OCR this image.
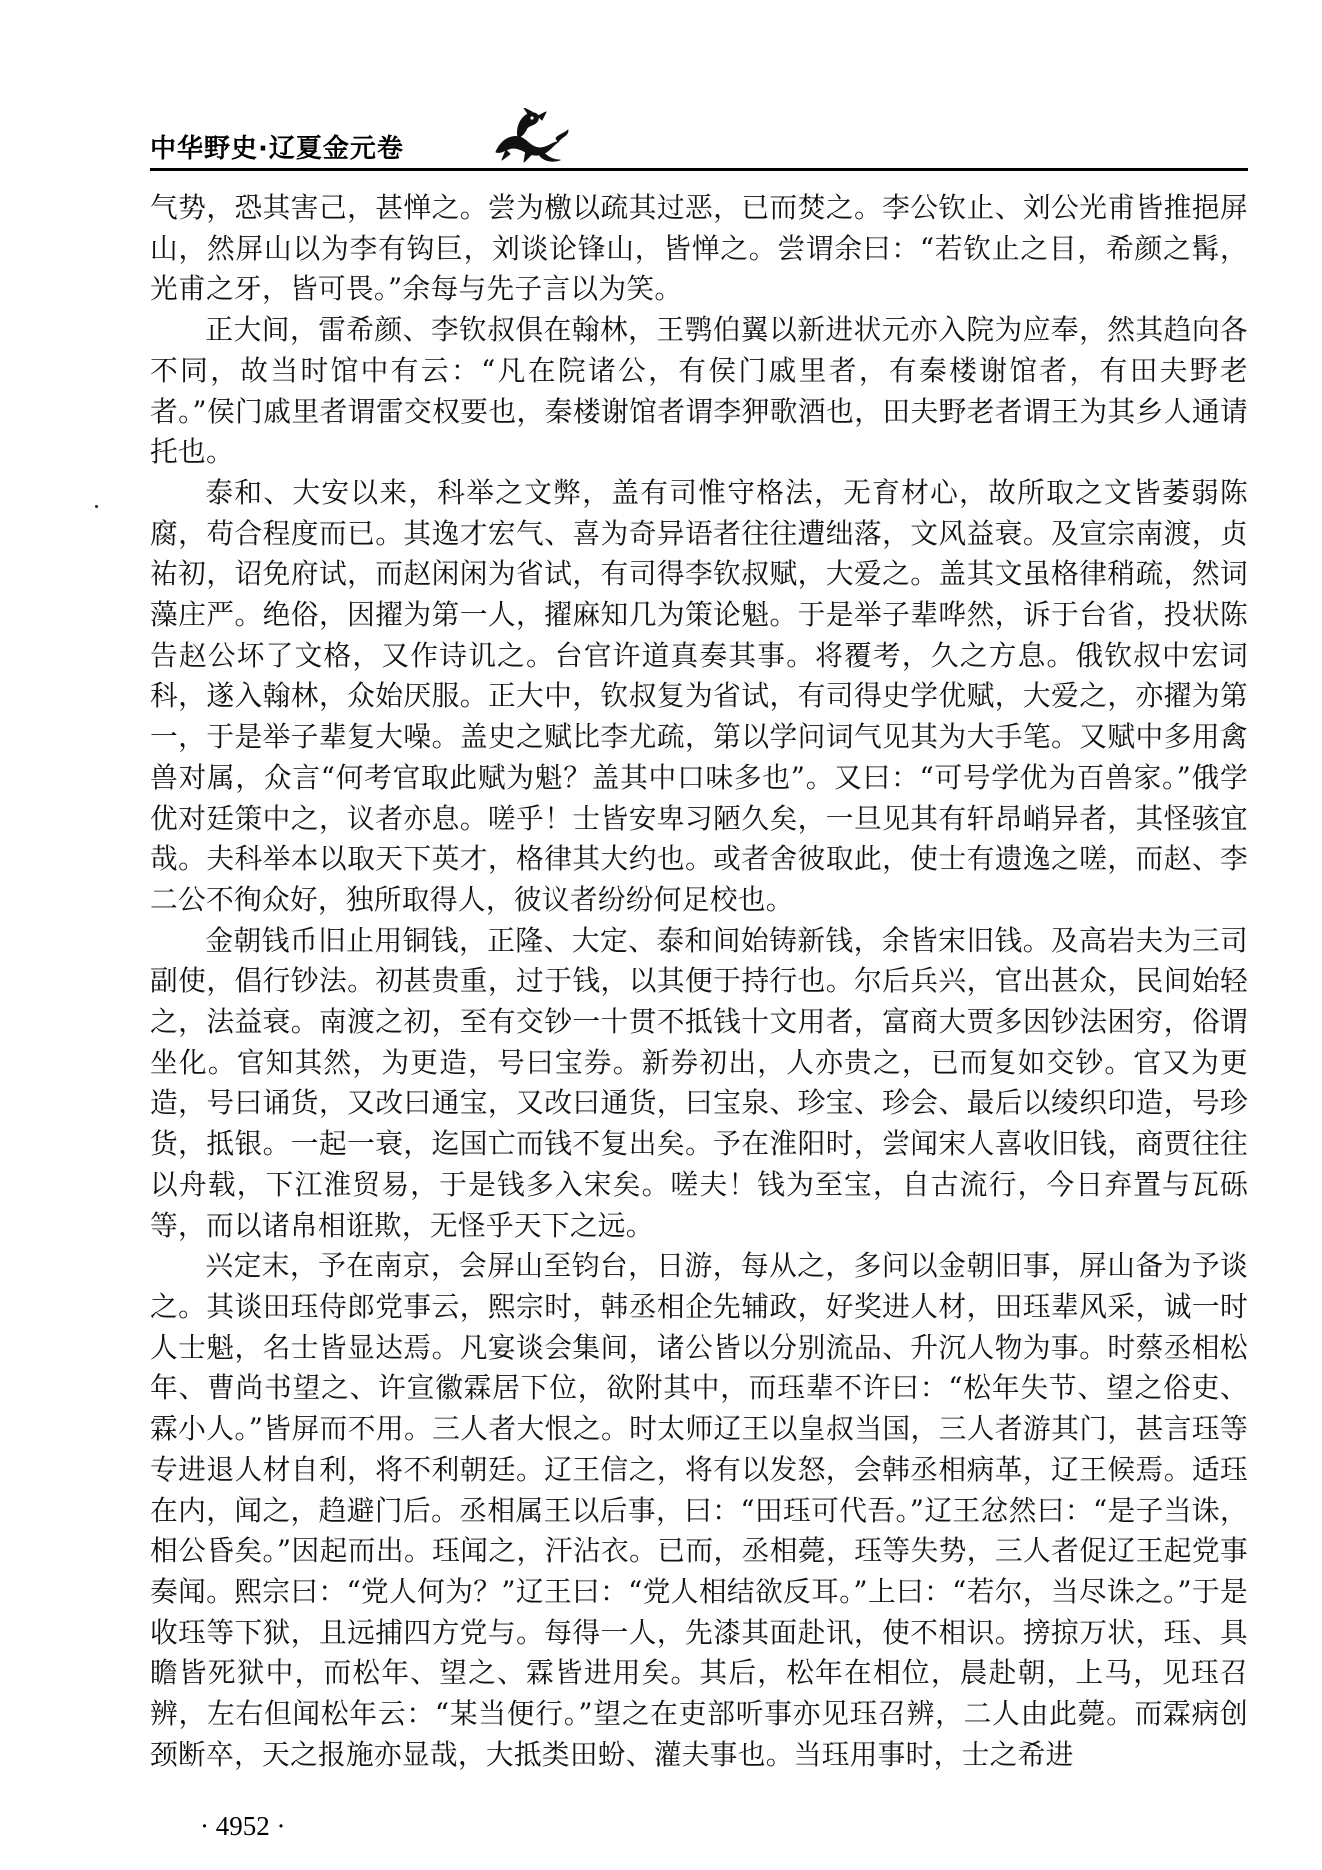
中华野史·辽夏金元卷

气势，恐其害己，甚惮之。尝为檄以疏其过恶，已而焚之。李公钦止、刘公光甫皆推挹屏山，然屏山以为李有钩巨，刘谈论锋山，皆惮之。尝谓余曰：“若钦止之目，希颜之髯，光甫之牙，皆可畏。”余每与先子言以为笑。

正大间，雷希颜、李钦叔俱在翰林，王鹗伯翼以新进状元亦入院为应奉，然其趋向各不同，故当时馆中有云：“凡在院诸公，有侯门戚里者，有秦楼谢馆者，有田夫野老者。”侯门戚里者谓雷交权要也，秦楼谢馆者谓李狎歌酒也，田夫野老者谓王为其乡人通请托也。

泰和、大安以来，科举之文弊，盖有司惟守格法，无育材心，故所取之文皆萎弱陈腐，苟合程度而已。其逸才宏气、喜为奇异语者往往遭绌落，文风益衰。及宣宗南渡，贞祐初，诏免府试，而赵闲闲为省试，有司得李钦叔赋，大爱之。盖其文虽格律稍疏，然词藻庄严。绝俗，因擢为第一人，擢麻知几为策论魁。于是举子辈哗然，诉于台省，投状陈告赵公坏了文格，又作诗讥之。台官许道真奏其事。将覆考，久之方息。俄钦叔中宏词科，遂入翰林，众始厌服。正大中，钦叔复为省试，有司得史学优赋，大爱之，亦擢为第一，于是举子辈复大噪。盖史之赋比李尤疏，第以学问词气见其为大手笔。又赋中多用禽兽对属，众言“何考官取此赋为魁？盖其中口味多也”。又曰：“可号学优为百兽家。”俄学优对廷策中之，议者亦息。嗟乎！士皆安卑习陋久矣，一旦见其有轩昂峭异者，其怪骇宜哉。夫科举本以取天下英才，格律其大约也。或者舍彼取此，使士有遗逸之嗟，而赵、李二公不徇众好，独所取得人，彼议者纷纷何足校也。

金朝钱币旧止用铜钱，正隆、大定、泰和间始铸新钱，余皆宋旧钱。及高岩夫为三司副使，倡行钞法。初甚贵重，过于钱，以其便于持行也。尔后兵兴，官出甚众，民间始轻之，法益衰。南渡之初，至有交钞一十贯不抵钱十文用者，富商大贾多因钞法困穷，俗谓坐化。官知其然，为更造，号曰宝券。新券初出，人亦贵之，已而复如交钞。官又为更造，号曰诵货，又改曰通宝，又改曰通货，曰宝泉、珍宝、珍会、最后以绫织印造，号珍货，抵银。一起一衰，迄国亡而钱不复出矣。予在淮阳时，尝闻宋人喜收旧钱，商贾往往以舟载，下江淮贸易，于是钱多入宋矣。嗟夫！钱为至宝，自古流行，今日弃置与瓦砾等，而以诸帛相诳欺，无怪乎天下之远。

兴定末，予在南京，会屏山至钧台，日游，每从之，多问以金朝旧事，屏山备为予谈之。其谈田珏侍郎党事云，熙宗时，韩丞相企先辅政，好奖进人材，田珏辈风采，诚一时人士魁，名士皆显达焉。凡宴谈会集间，诸公皆以分别流品、升沉人物为事。时蔡丞相松年、曹尚书望之、许宣徽霖居下位，欲附其中，而珏辈不许曰：“松年失节、望之俗吏、霖小人。”皆屏而不用。三人者大恨之。时太师辽王以皇叔当国，三人者游其门，甚言珏等专进退人材自利，将不利朝廷。辽王信之，将有以发怒，会韩丞相病革，辽王候焉。适珏在内，闻之，趋避门后。丞相属王以后事，曰：“田珏可代吾。”辽王忿然曰：“是子当诛，相公昏矣。”因起而出。珏闻之，汗沾衣。已而，丞相薨，珏等失势，三人者促辽王起党事奏闻。熙宗曰：“党人何为？”辽王曰：“党人相结欲反耳。”上曰：“若尔，当尽诛之。”于是收珏等下狱，且远捕四方党与。每得一人，先漆其面赴讯，使不相识。搒掠万状，珏、具瞻皆死狱中，而松年、望之、霖皆进用矣。其后，松年在相位，晨赴朝，上马，见珏召辨，左右但闻松年云：“某当便行。”望之在吏部听事亦见珏召辨，二人由此薨。而霖病创颈断卒，天之报施亦显哉，大抵类田蚡、灌夫事也。当珏用事时，士之希进

· 4952 ·
